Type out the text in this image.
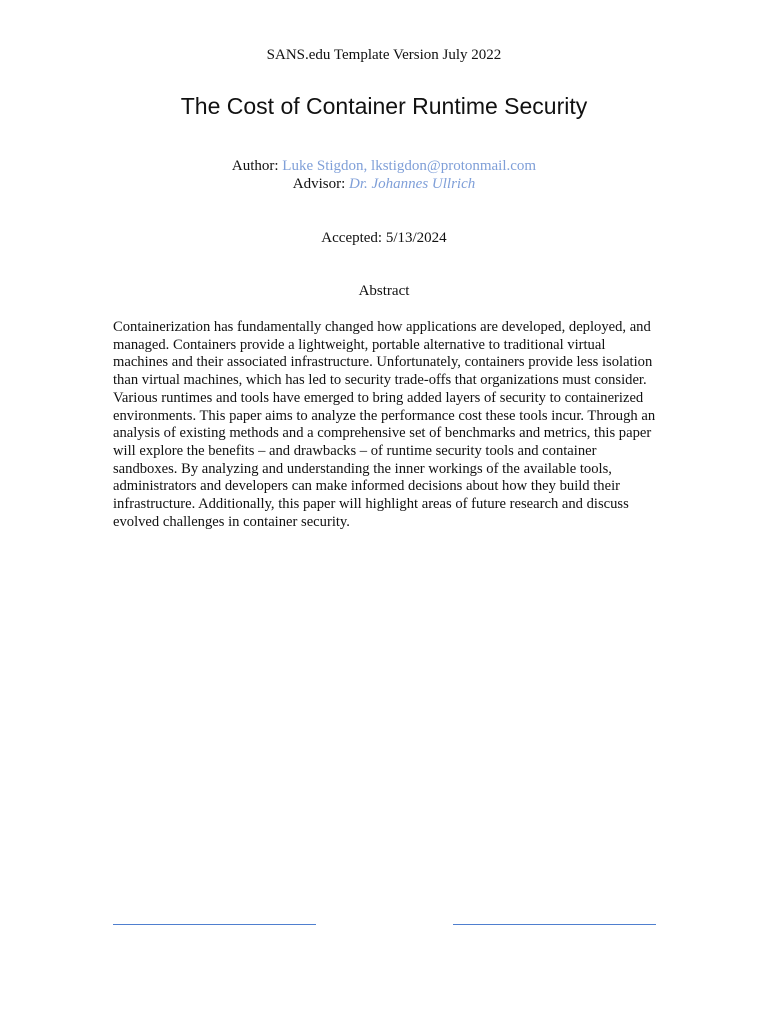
SANS.edu Template Version July 2022
The Cost of Container Runtime Security
Author: Luke Stigdon, lkstigdon@protonmail.com
Advisor: Dr. Johannes Ullrich
Accepted: 5/13/2024
Abstract

Containerization has fundamentally changed how applications are developed, deployed, and managed. Containers provide a lightweight, portable alternative to traditional virtual machines and their associated infrastructure. Unfortunately, containers provide less isolation than virtual machines, which has led to security trade-offs that organizations must consider. Various runtimes and tools have emerged to bring added layers of security to containerized environments. This paper aims to analyze the performance cost these tools incur. Through an analysis of existing methods and a comprehensive set of benchmarks and metrics, this paper will explore the benefits – and drawbacks – of runtime security tools and container sandboxes. By analyzing and understanding the inner workings of the available tools, administrators and developers can make informed decisions about how they build their infrastructure. Additionally, this paper will highlight areas of future research and discuss evolved challenges in container security.
